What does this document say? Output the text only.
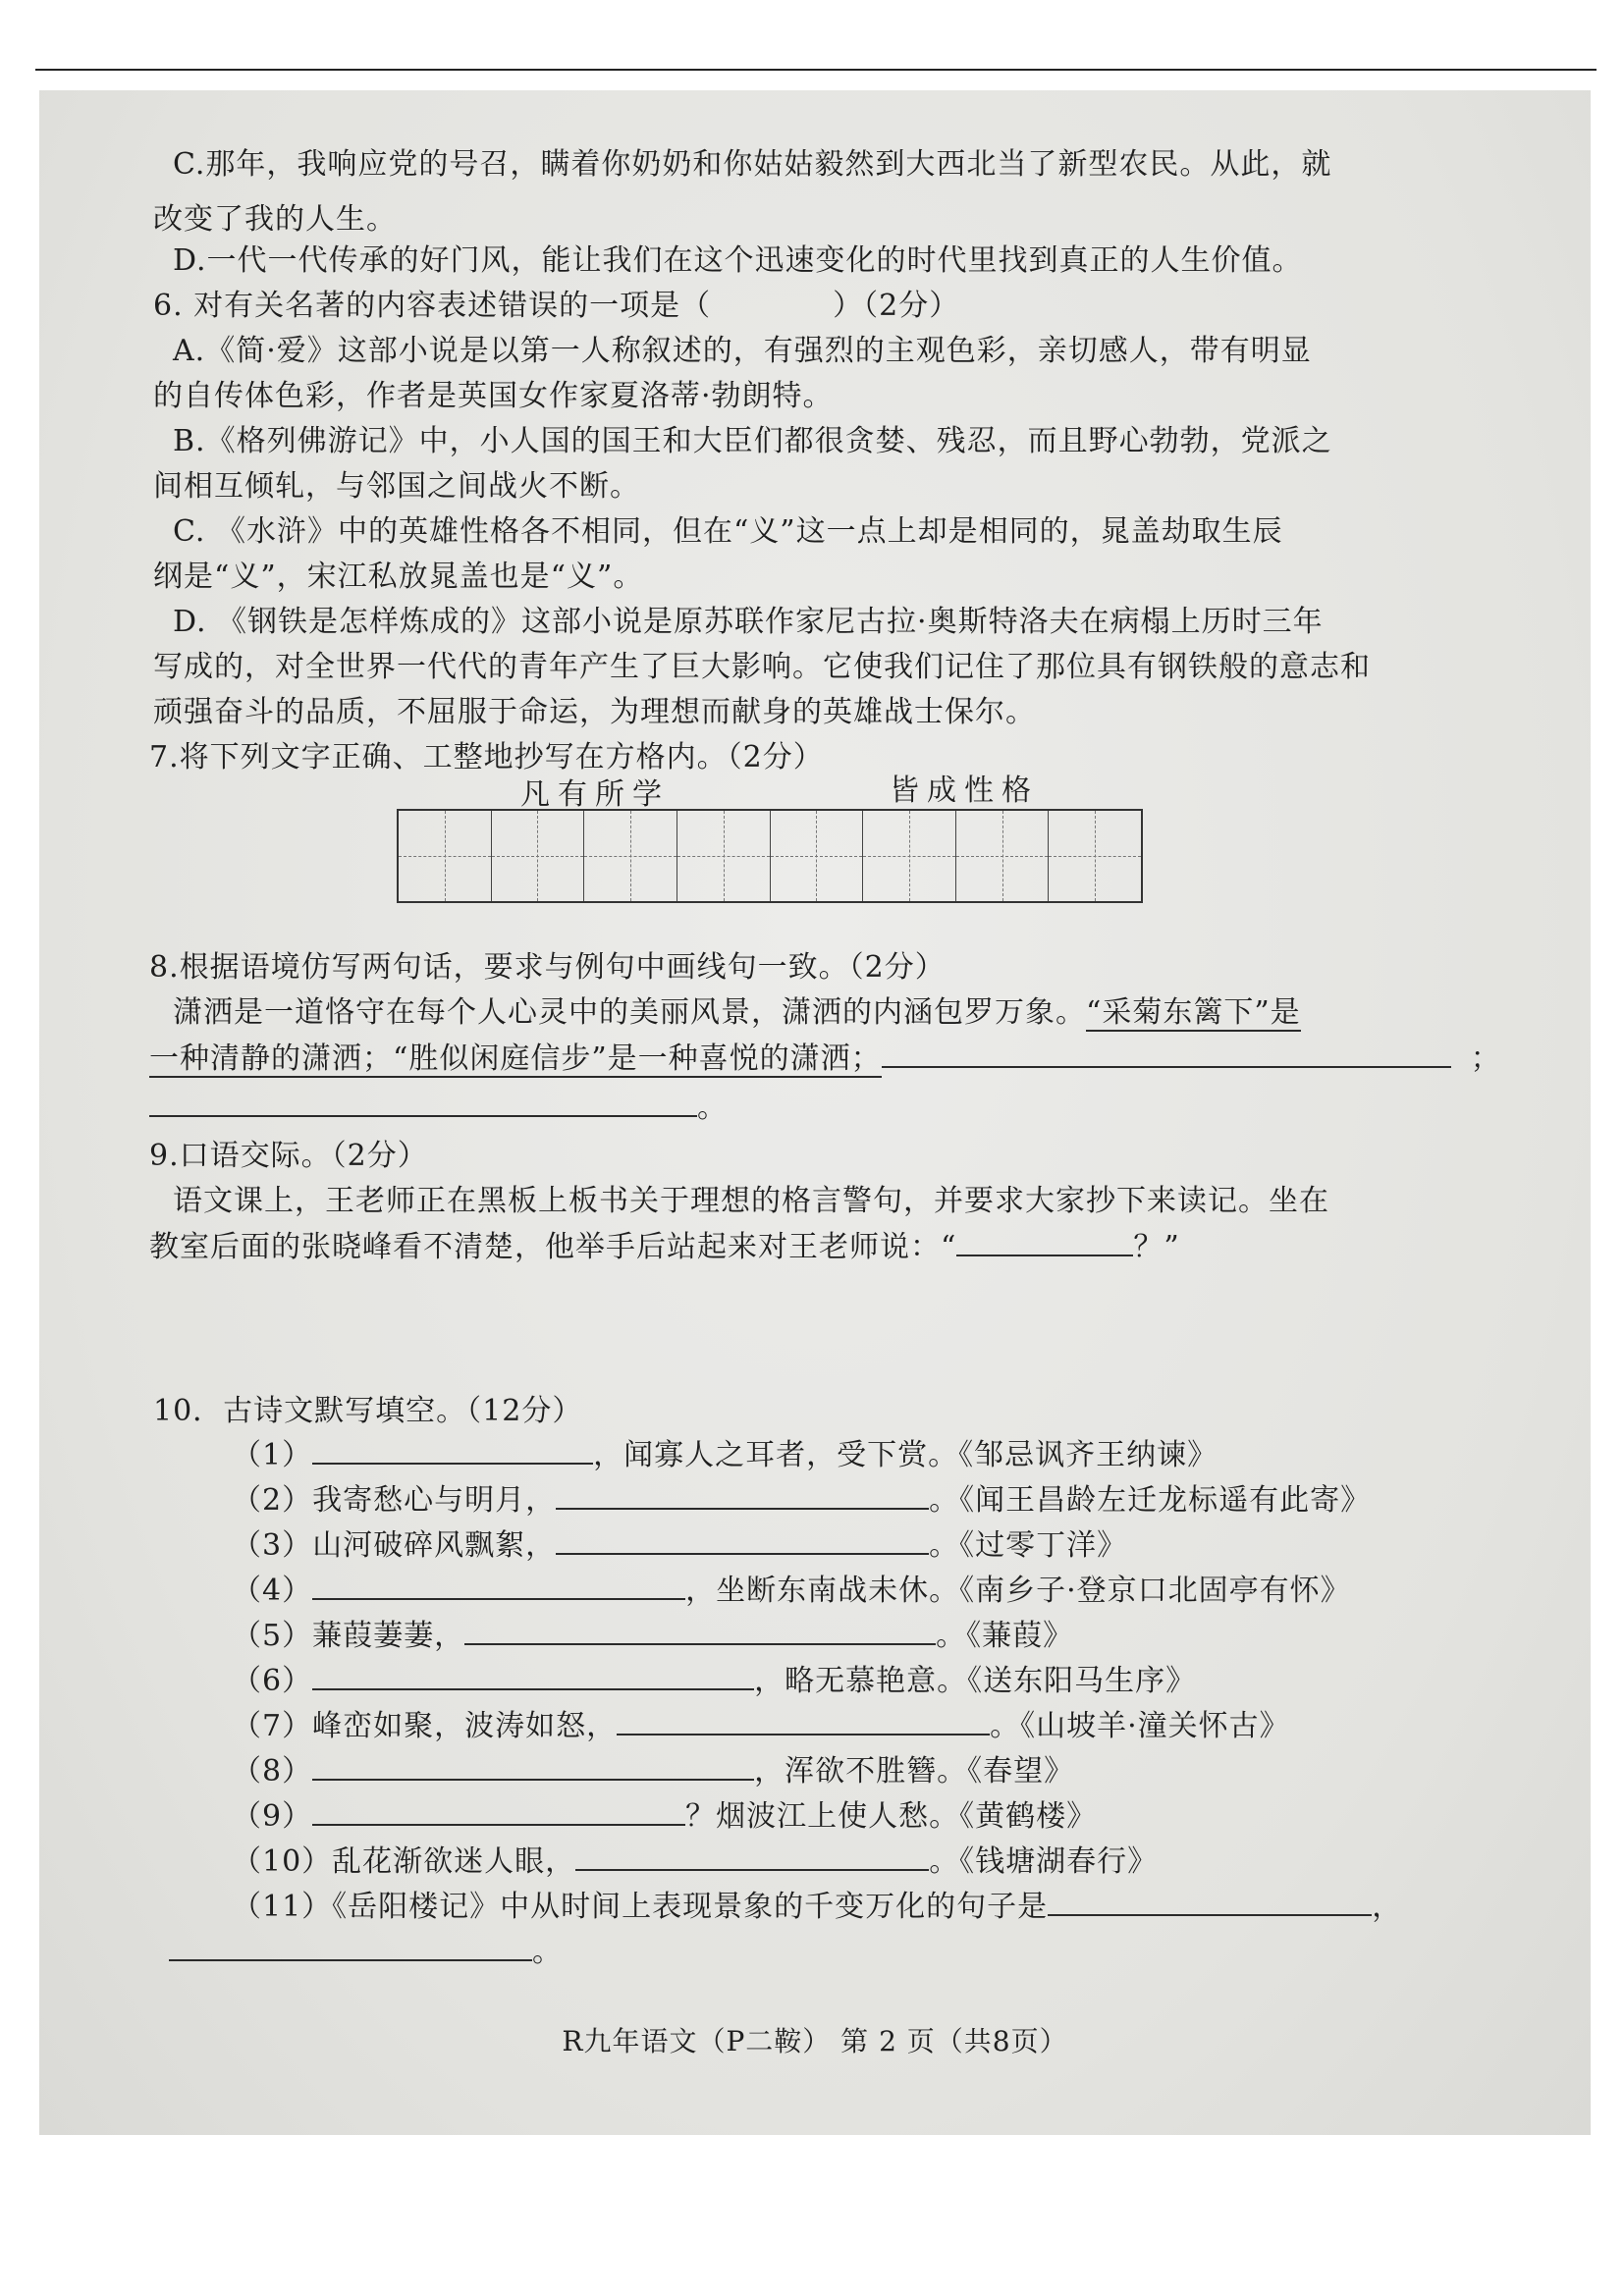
C.那年，我响应党的号召，瞒着你奶奶和你姑姑毅然到大西北当了新型农民。从此，就
改变了我的人生。
D.一代一代传承的好门风，能让我们在这个迅速变化的时代里找到真正的人生价值。
6. 对有关名著的内容表述错误的一项是（　　　　）（2分）
A.《简·爱》这部小说是以第一人称叙述的，有强烈的主观色彩，亲切感人，带有明显
的自传体色彩，作者是英国女作家夏洛蒂·勃朗特。
B.《格列佛游记》中，小人国的国王和大臣们都很贪婪、残忍，而且野心勃勃，党派之
间相互倾轧，与邻国之间战火不断。
C. 《水浒》中的英雄性格各不相同，但在“义”这一点上却是相同的，晁盖劫取生辰
纲是“义”，宋江私放晁盖也是“义”。
D. 《钢铁是怎样炼成的》这部小说是原苏联作家尼古拉·奥斯特洛夫在病榻上历时三年
写成的，对全世界一代代的青年产生了巨大影响。它使我们记住了那位具有钢铁般的意志和
顽强奋斗的品质，不屈服于命运，为理想而献身的英雄战士保尔。
7.将下列文字正确、工整地抄写在方格内。（2分）
凡有所学	皆成性格
8.根据语境仿写两句话，要求与例句中画线句一致。（2分）
潇洒是一道恪守在每个人心灵中的美丽风景，潇洒的内涵包罗万象。“采菊东篱下”是
一种清静的潇洒；“胜似闲庭信步”是一种喜悦的潇洒；	；
。
9.口语交际。（2分）
语文课上，王老师正在黑板上板书关于理想的格言警句，并要求大家抄下来读记。坐在
教室后面的张晓峰看不清楚，他举手后站起来对王老师说：“	？”
10．古诗文默写填空。（12分）
（1）	，闻寡人之耳者，受下赏。《邹忌讽齐王纳谏》
（2）我寄愁心与明月，	。《闻王昌龄左迁龙标遥有此寄》
（3）山河破碎风飘絮，	。《过零丁洋》
（4）	，坐断东南战未休。《南乡子·登京口北固亭有怀》
（5）蒹葭萋萋，	。《蒹葭》
（6）	，略无慕艳意。《送东阳马生序》
（7）峰峦如聚，波涛如怒，	。《山坡羊·潼关怀古》
（8）	，浑欲不胜簪。《春望》
（9）	？烟波江上使人愁。《黄鹤楼》
（10）乱花渐欲迷人眼，	。《钱塘湖春行》
（11）《岳阳楼记》中从时间上表现景象的千变万化的句子是	，
。
R九年语文（P二鞍） 第 2 页（共8页）
